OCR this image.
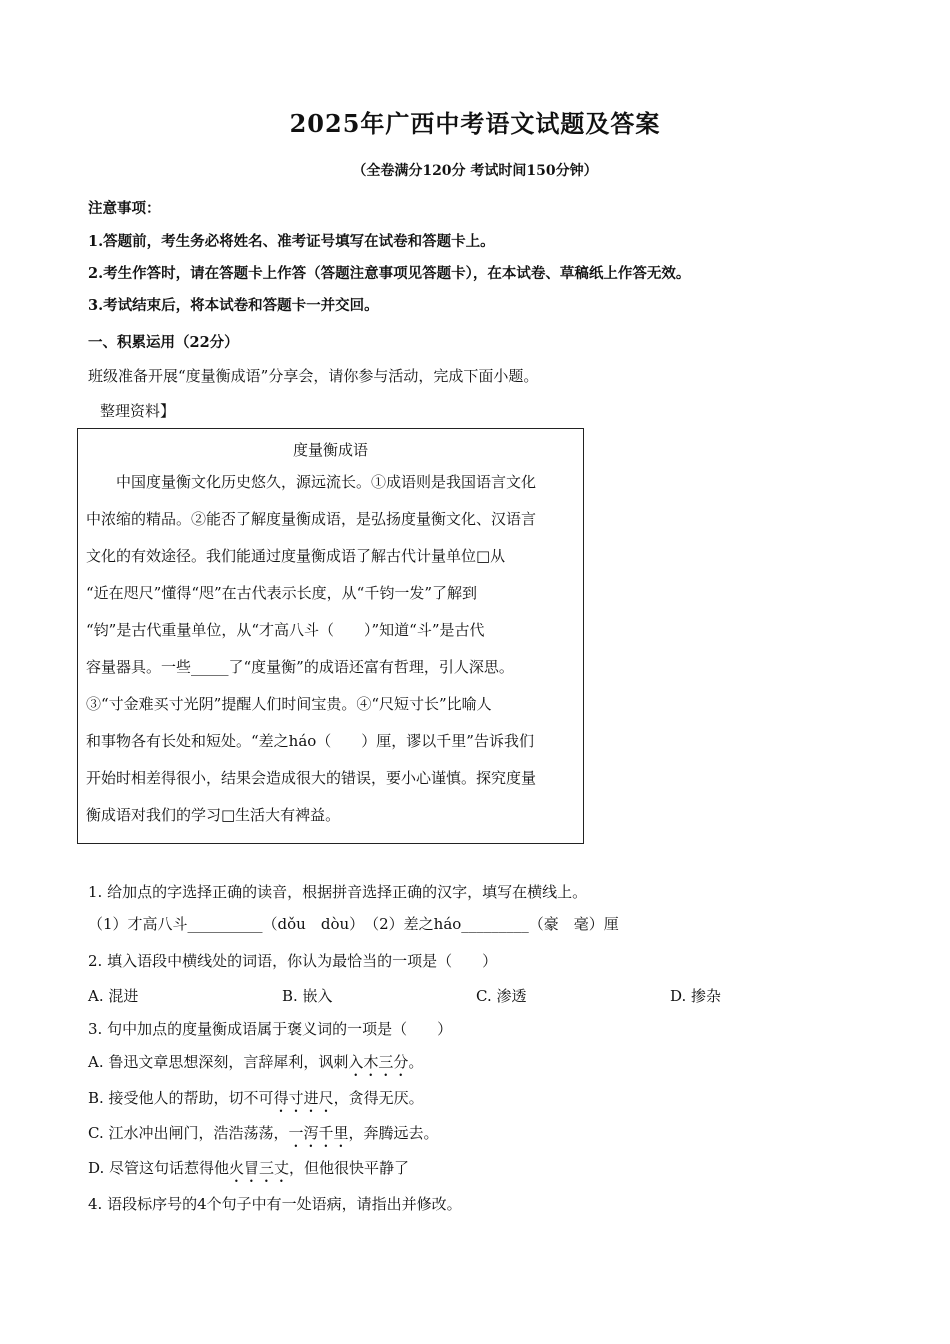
2025年广西中考语文试题及答案
（全卷满分120分 考试时间150分钟）
注意事项：
1.答题前，考生务必将姓名、准考证号填写在试卷和答题卡上。
2.考生作答时，请在答题卡上作答（答题注意事项见答题卡），在本试卷、草稿纸上作答无效。
3.考试结束后，将本试卷和答题卡一并交回。
一、积累运用（22分）
班级准备开展“度量衡成语”分享会，请你参与活动，完成下面小题。
整理资料】
度量衡成语
　　中国度量衡文化历史悠久，源远流长。①成语则是我国语言文化
中浓缩的精品。②能否了解度量衡成语，是弘扬度量衡文化、汉语言
文化的有效途径。我们能通过度量衡成语了解古代计量单位□从
“近在咫尺”懂得“咫”在古代表示长度，从“千钧一发”了解到
“钧”是古代重量单位，从“才高八斗（　　）”知道“斗”是古代
容量器具。一些_____了“度量衡”的成语还富有哲理，引人深思。
③“寸金难买寸光阴”提醒人们时间宝贵。④“尺短寸长”比喻人
和事物各有长处和短处。“差之háo（　　）厘，谬以千里”告诉我们
开始时相差得很小，结果会造成很大的错误，要小心谨慎。探究度量
衡成语对我们的学习□生活大有裨益。
1. 给加点的字选择正确的读音，根据拼音选择正确的汉字，填写在横线上。
（1）才高八斗__________（dǒu　dòu）　（2）差之háo_________（豪　毫）厘
2. 填入语段中横线处的词语，你认为最恰当的一项是（　　）
A. 混进	B. 嵌入	C. 渗透	D. 掺杂
3. 句中加点的度量衡成语属于褒义词的一项是（　　）
A. 鲁迅文章思想深刻，言辞犀利，讽刺入木三分。
B. 接受他人的帮助，切不可得寸进尺，贪得无厌。
C. 江水冲出闸门，浩浩荡荡，一泻千里，奔腾远去。
D. 尽管这句话惹得他火冒三丈，但他很快平静了
4. 语段标序号的4个句子中有一处语病，请指出并修改。
